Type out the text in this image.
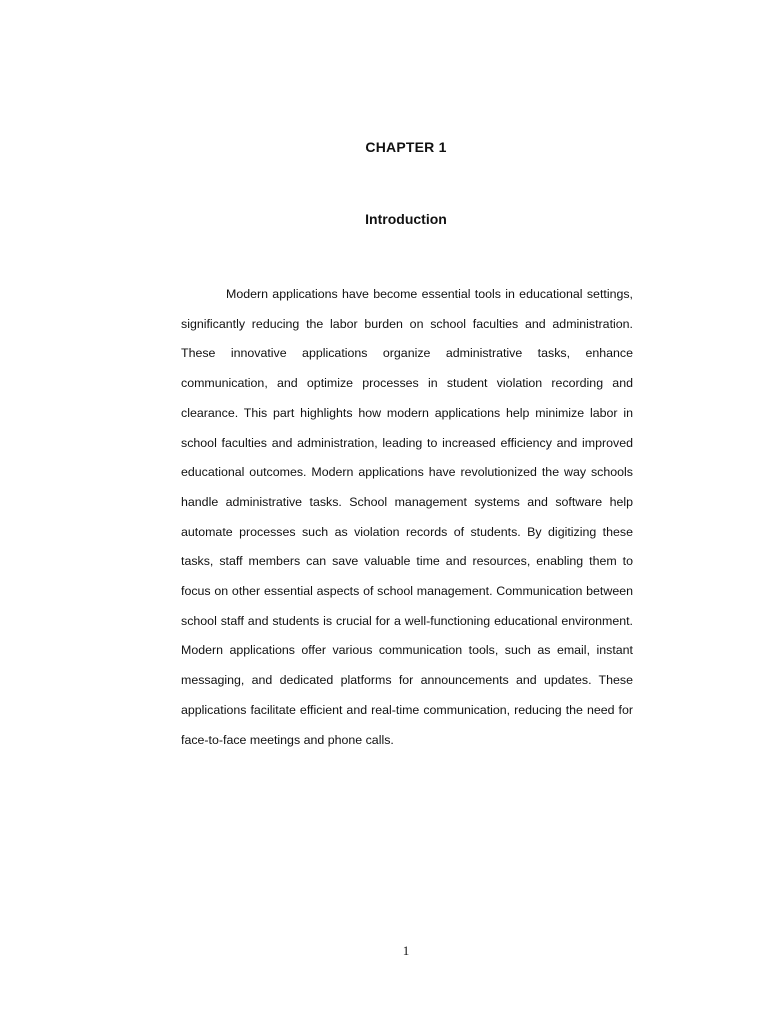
CHAPTER 1
Introduction

Modern applications have become essential tools in educational settings, significantly reducing the labor burden on school faculties and administration. These innovative applications organize administrative tasks, enhance communication, and optimize processes in student violation recording and clearance. This part highlights how modern applications help minimize labor in school faculties and administration, leading to increased efficiency and improved educational outcomes. Modern applications have revolutionized the way schools handle administrative tasks. School management systems and software help automate processes such as violation records of students. By digitizing these tasks, staff members can save valuable time and resources, enabling them to focus on other essential aspects of school management. Communication between school staff and students is crucial for a well-functioning educational environment. Modern applications offer various communication tools, such as email, instant messaging, and dedicated platforms for announcements and updates. These applications facilitate efficient and real-time communication, reducing the need for face-to-face meetings and phone calls.

1
